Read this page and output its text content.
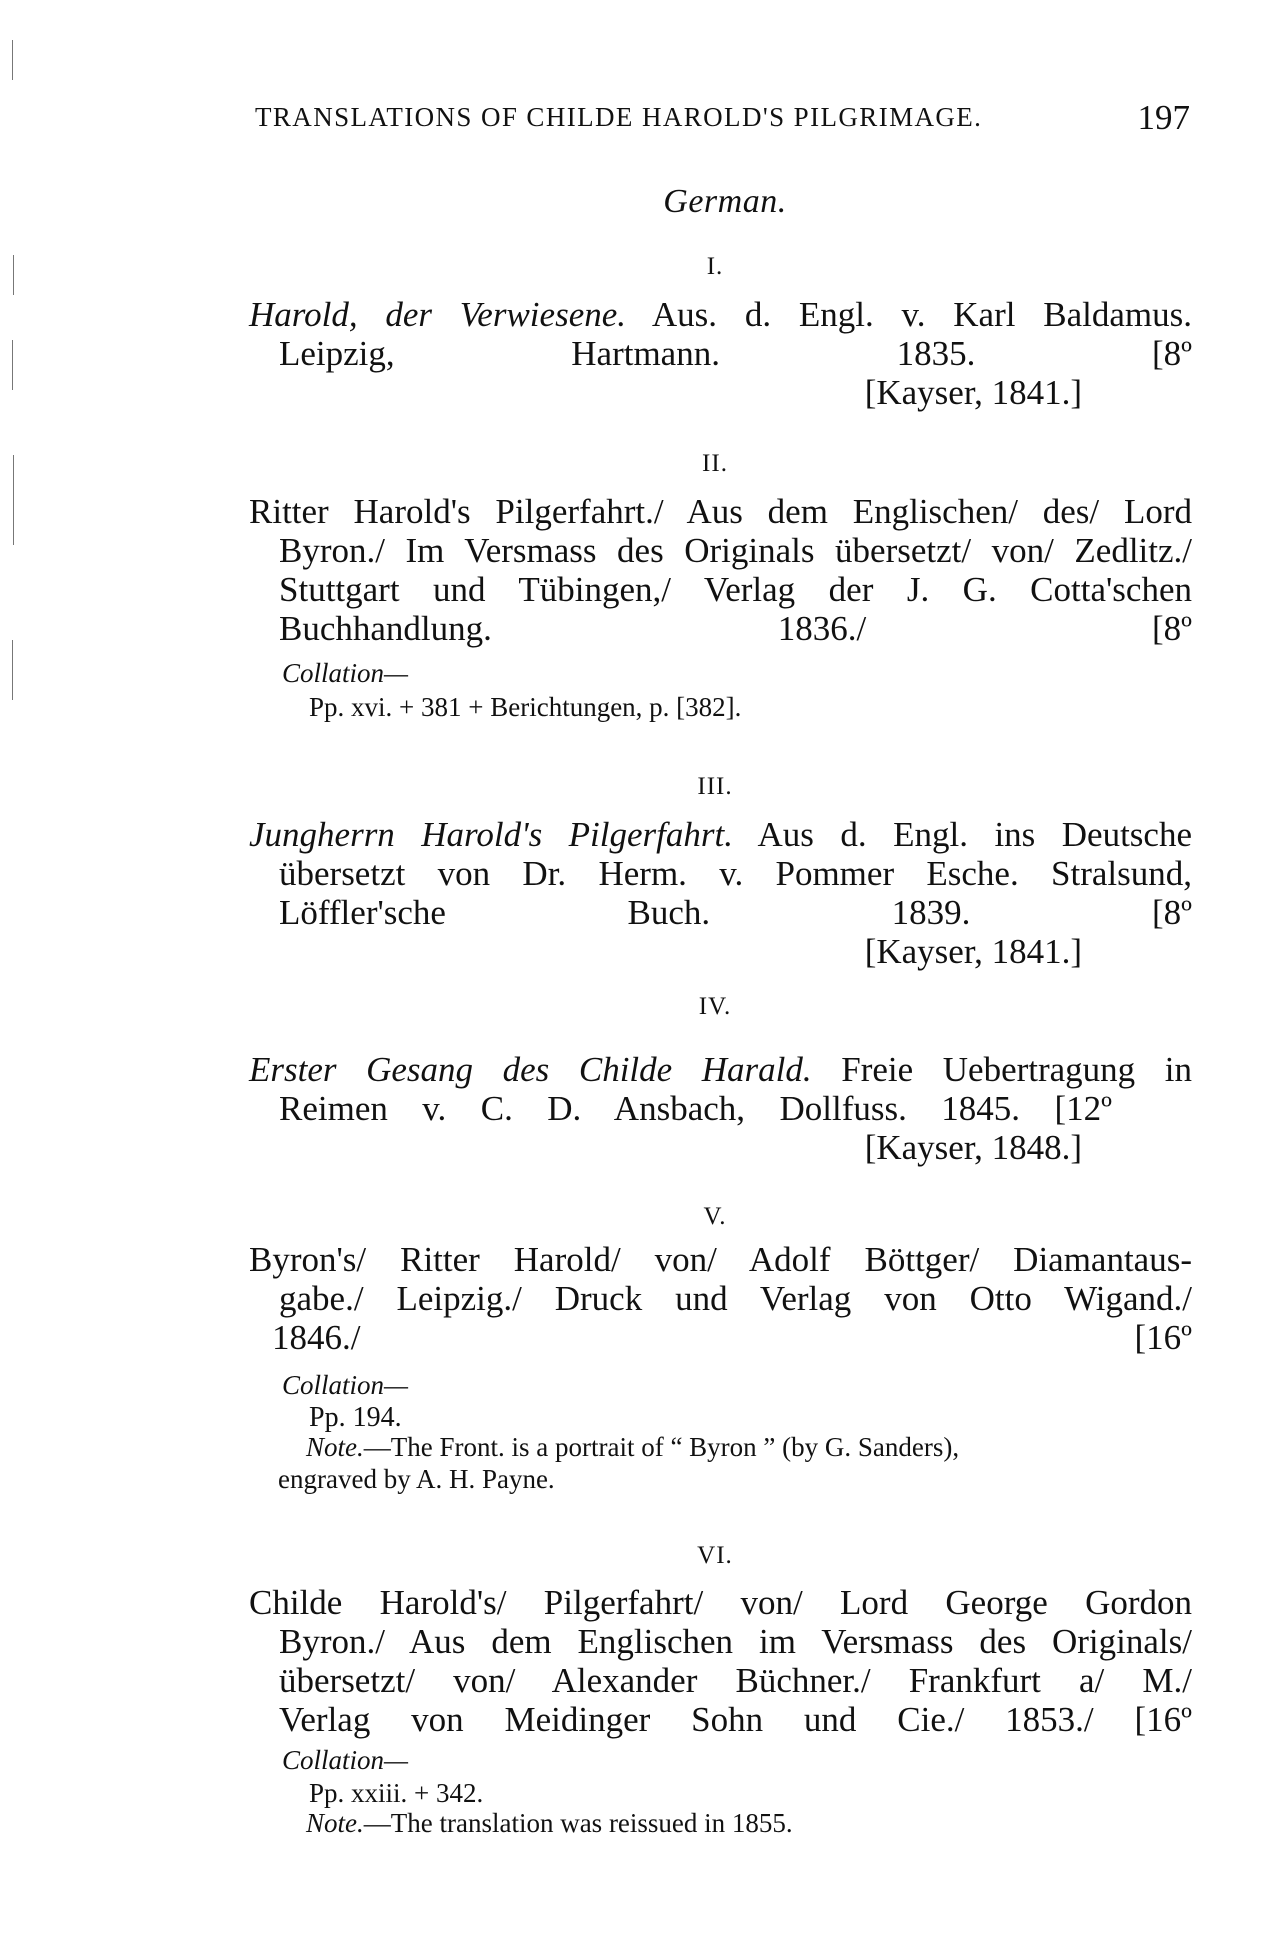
TRANSLATIONS OF CHILDE HAROLD'S PILGRIMAGE.	197
German.
I.
Harold, der Verwiesene. Aus. d. Engl. v. Karl Baldamus.
Leipzig, Hartmann. 1835.	[8º
[Kayser, 1841.]
II.
Ritter Harold's Pilgerfahrt./ Aus dem Englischen/ des/ Lord
Byron./ Im Versmass des Originals übersetzt/ von/ Zedlitz./
Stuttgart und Tübingen,/ Verlag der J. G. Cotta'schen
Buchhandlung. 1836./	[8º
Collation—
Pp. xvi. + 381 + Berichtungen, p. [382].
III.
Jungherrn Harold's Pilgerfahrt. Aus d. Engl. ins Deutsche
übersetzt von Dr. Herm. v. Pommer Esche. Stralsund,
Löffler'sche Buch. 1839.	[8º
[Kayser, 1841.]
IV.
Erster Gesang des Childe Harald. Freie Uebertragung in
Reimen v. C. D. Ansbach, Dollfuss. 1845. [12º
[Kayser, 1848.]
V.
Byron's/ Ritter Harold/ von/ Adolf Böttger/ Diamantaus-
gabe./ Leipzig./ Druck und Verlag von Otto Wigand./
1846./	[16º
Collation—
Pp. 194.
Note.—The Front. is a portrait of “ Byron ” (by G. Sanders),
engraved by A. H. Payne.
VI.
Childe Harold's/ Pilgerfahrt/ von/ Lord George Gordon
Byron./ Aus dem Englischen im Versmass des Originals/
übersetzt/ von/ Alexander Büchner./ Frankfurt a/ M./
Verlag von Meidinger Sohn und Cie./ 1853./ [16º
Collation—
Pp. xxiii. + 342.
Note.—The translation was reissued in 1855.
